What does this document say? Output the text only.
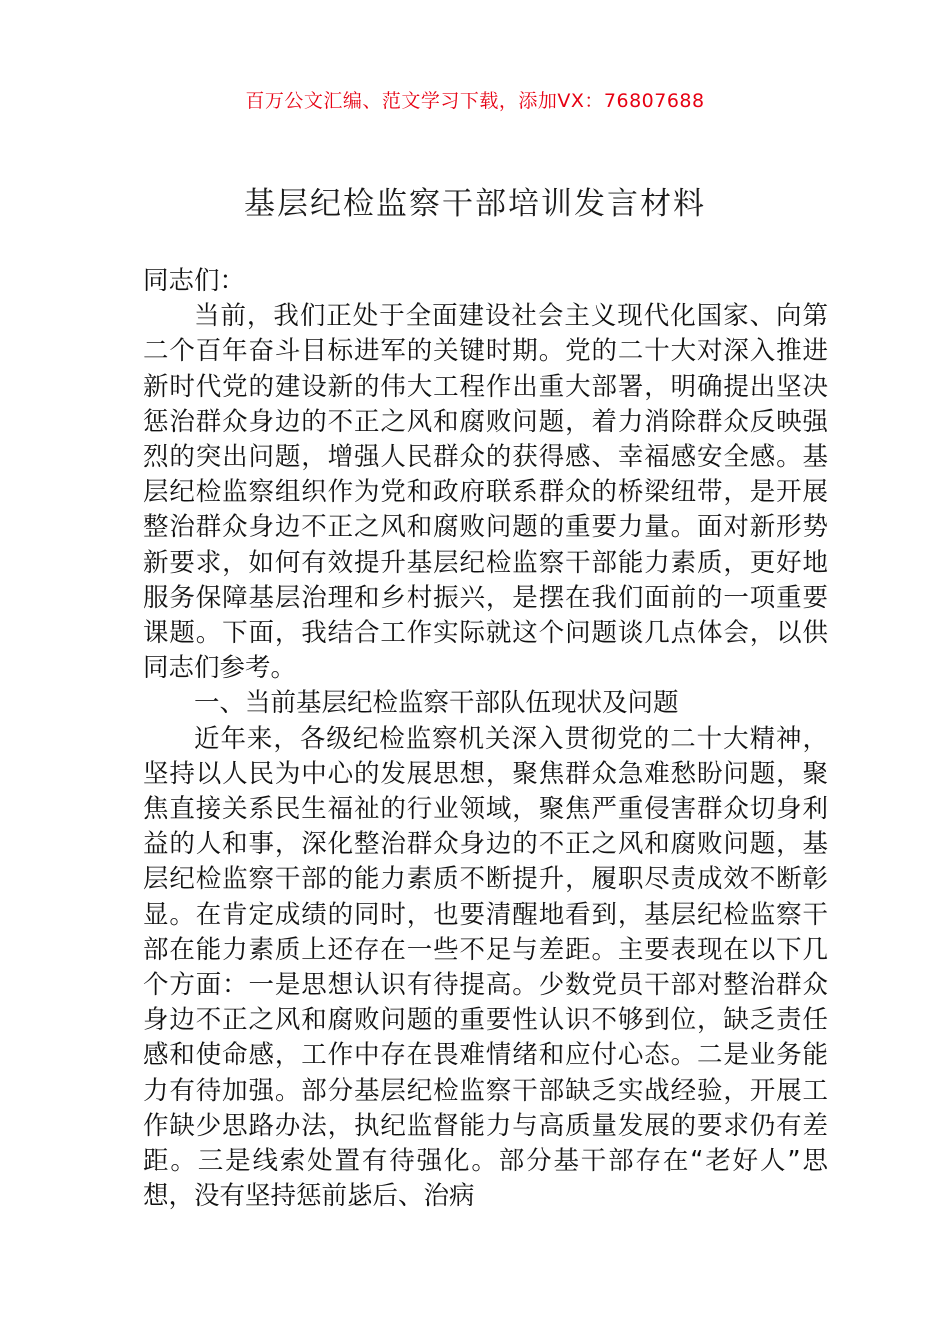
百万公文汇编、范文学习下载，添加VX：76807688
基层纪检监察干部培训发言材料

同志们：

当前，我们正处于全面建设社会主义现代化国家、向第二个百年奋斗目标进军的关键时期。党的二十大对深入推进新时代党的建设新的伟大工程作出重大部署，明确提出坚决惩治群众身边的不正之风和腐败问题，着力消除群众反映强烈的突出问题，增强人民群众的获得感、幸福感安全感。基层纪检监察组织作为党和政府联系群众的桥梁纽带，是开展整治群众身边不正之风和腐败问题的重要力量。面对新形势新要求，如何有效提升基层纪检监察干部能力素质，更好地服务保障基层治理和乡村振兴，是摆在我们面前的一项重要课题。下面，我结合工作实际就这个问题谈几点体会，以供同志们参考。

一、当前基层纪检监察干部队伍现状及问题

近年来，各级纪检监察机关深入贯彻党的二十大精神，坚持以人民为中心的发展思想，聚焦群众急难愁盼问题，聚焦直接关系民生福祉的行业领域，聚焦严重侵害群众切身利益的人和事，深化整治群众身边的不正之风和腐败问题，基层纪检监察干部的能力素质不断提升，履职尽责成效不断彰显。在肯定成绩的同时，也要清醒地看到，基层纪检监察干部在能力素质上还存在一些不足与差距。主要表现在以下几个方面：一是思想认识有待提高。少数党员干部对整治群众身边不正之风和腐败问题的重要性认识不够到位，缺乏责任感和使命感，工作中存在畏难情绪和应付心态。二是业务能力有待加强。部分基层纪检监察干部缺乏实战经验，开展工作缺少思路办法，执纪监督能力与高质量发展的要求仍有差距。三是线索处置有待强化。部分基干部存在“老好人”思想，没有坚持惩前毖后、治病
